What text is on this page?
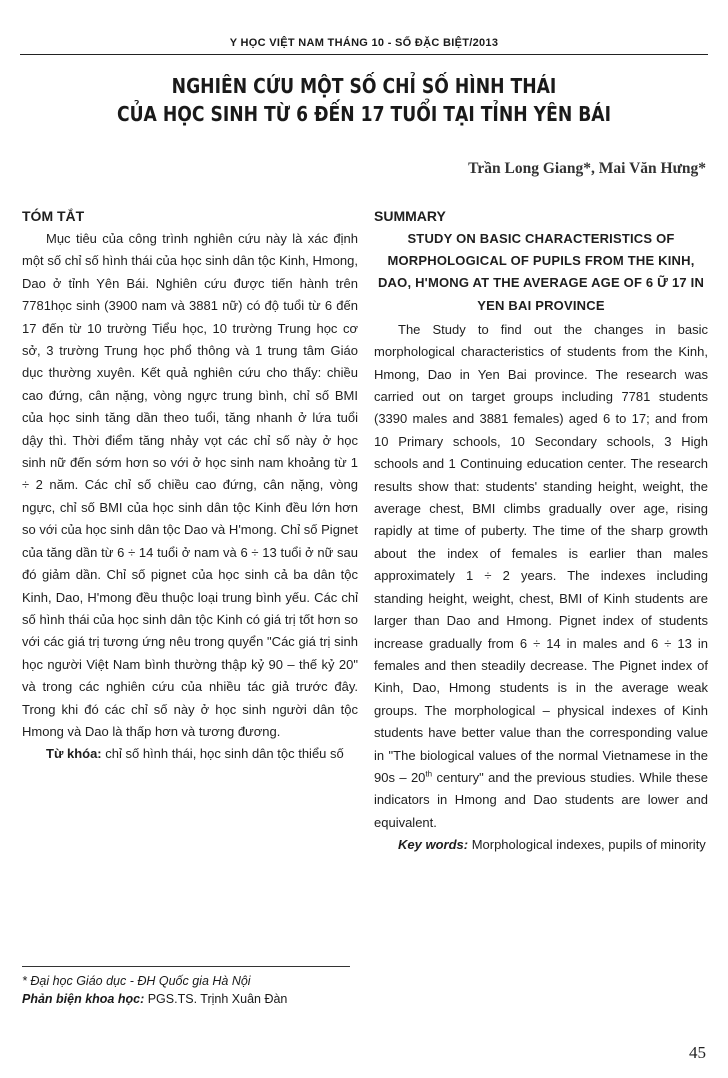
Y HỌC VIỆT NAM THÁNG 10 - SỐ ĐẶC BIỆT/2013
NGHIÊN CỨU MỘT SỐ CHỈ SỐ HÌNH THÁI
CỦA HỌC SINH TỪ 6 ĐẾN 17 TUỔI TẠI TỈNH YÊN BÁI
Trần Long Giang*, Mai Văn Hưng*
TÓM TẮT

Mục tiêu của công trình nghiên cứu này là xác định một số chỉ số hình thái của học sinh dân tộc Kinh, Hmong, Dao ở tỉnh Yên Bái. Nghiên cứu được tiến hành trên 7781học sinh (3900 nam và 3881 nữ) có độ tuổi từ 6 đến 17 đến từ 10 trường Tiểu học, 10 trường Trung học cơ sở, 3 trường Trung học phổ thông và 1 trung tâm Giáo dục thường xuyên. Kết quả nghiên cứu cho thấy: chiều cao đứng, cân nặng, vòng ngực trung bình, chỉ số BMI của học sinh tăng dần theo tuổi, tăng nhanh ở lứa tuổi dậy thì. Thời điểm tăng nhảy vọt các chỉ số này ở học sinh nữ đến sớm hơn so với ở học sinh nam khoảng từ 1 ÷ 2 năm. Các chỉ số chiều cao đứng, cân nặng, vòng ngực, chỉ số BMI của học sinh dân tộc Kinh đều lớn hơn so với của học sinh dân tộc Dao và H'mong. Chỉ số Pignet của tăng dần từ 6 ÷ 14 tuổi ở nam và 6 ÷ 13 tuổi ở nữ sau đó giảm dần. Chỉ số pignet của học sinh cả ba dân tộc Kinh, Dao, H'mong đều thuộc loại trung bình yếu. Các chỉ số hình thái của học sinh dân tộc Kinh có giá trị tốt hơn so với các giá trị tương ứng nêu trong quyển "Các giá trị sinh học người Việt Nam bình thường thập kỷ 90 – thế kỷ 20" và trong các nghiên cứu của nhiều tác giả trước đây. Trong khi đó các chỉ số này ở học sinh người dân tộc Hmong và Dao là thấp hơn và tương đương.

Từ khóa: chỉ số hình thái, học sinh dân tộc thiểu số

SUMMARY

STUDY ON BASIC CHARACTERISTICS OF MORPHOLOGICAL OF PUPILS FROM THE KINH, DAO, H'MONG AT THE AVERAGE AGE OF 6 Ữ 17 IN YEN BAI PROVINCE

The Study to find out the changes in basic morphological characteristics of students from the Kinh, Hmong, Dao in Yen Bai province. The research was carried out on target groups including 7781 students (3390 males and 3881 females) aged 6 to 17; and from 10 Primary schools, 10 Secondary schools, 3 High schools and 1 Continuing education center. The research results show that: students' standing height, weight, the average chest, BMI climbs gradually over age, rising rapidly at time of puberty. The time of the sharp growth about the index of females is earlier than males approximately 1 ÷ 2 years. The indexes including standing height, weight, chest, BMI of Kinh students are larger than Dao and Hmong. Pignet index of students increase gradually from 6 ÷ 14 in males and 6 ÷ 13 in females and then steadily decrease. The Pignet index of Kinh, Dao, Hmong students is in the average weak groups. The morphological – physical indexes of Kinh students have better value than the corresponding value in "The biological values of the normal Vietnamese in the 90s – 20th century" and the previous studies. While these indicators in Hmong and Dao students are lower and equivalent.

Key words: Morphological indexes, pupils of minority

* Đại học Giáo dục - ĐH Quốc gia Hà Nội
Phản biện khoa học: PGS.TS. Trịnh Xuân Đàn
45
